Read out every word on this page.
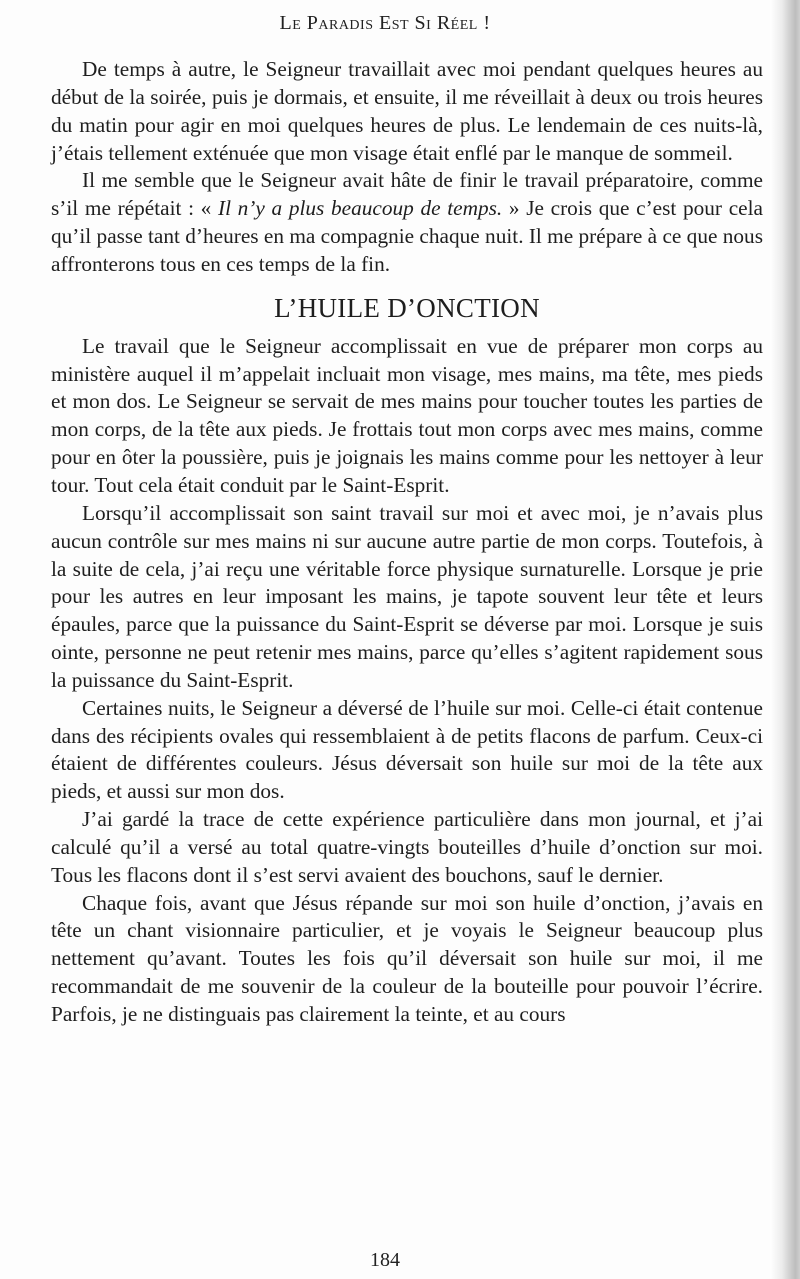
Le Paradis Est Si Réel !

De temps à autre, le Seigneur travaillait avec moi pendant quelques heures au début de la soirée, puis je dormais, et ensuite, il me réveillait à deux ou trois heures du matin pour agir en moi quelques heures de plus. Le lendemain de ces nuits-là, j’étais tellement exténuée que mon visage était enflé par le manque de sommeil.

Il me semble que le Seigneur avait hâte de finir le travail préparatoire, comme s’il me répétait : « Il n’y a plus beaucoup de temps. » Je crois que c’est pour cela qu’il passe tant d’heures en ma compagnie chaque nuit. Il me prépare à ce que nous affronterons tous en ces temps de la fin.

L’HUILE D’ONCTION

Le travail que le Seigneur accomplissait en vue de préparer mon corps au ministère auquel il m’appelait incluait mon visage, mes mains, ma tête, mes pieds et mon dos. Le Seigneur se servait de mes mains pour toucher toutes les parties de mon corps, de la tête aux pieds. Je frottais tout mon corps avec mes mains, comme pour en ôter la poussière, puis je joignais les mains comme pour les nettoyer à leur tour. Tout cela était conduit par le Saint-Esprit.

Lorsqu’il accomplissait son saint travail sur moi et avec moi, je n’avais plus aucun contrôle sur mes mains ni sur aucune autre partie de mon corps. Toutefois, à la suite de cela, j’ai reçu une véritable force physique surnaturelle. Lorsque je prie pour les autres en leur imposant les mains, je tapote souvent leur tête et leurs épaules, parce que la puissance du Saint-Esprit se déverse par moi. Lorsque je suis ointe, personne ne peut retenir mes mains, parce qu’elles s’agitent rapidement sous la puissance du Saint-Esprit.

Certaines nuits, le Seigneur a déversé de l’huile sur moi. Celle-ci était contenue dans des récipients ovales qui ressemblaient à de petits flacons de parfum. Ceux-ci étaient de différentes couleurs. Jésus déversait son huile sur moi de la tête aux pieds, et aussi sur mon dos.

J’ai gardé la trace de cette expérience particulière dans mon journal, et j’ai calculé qu’il a versé au total quatre-vingts bouteilles d’huile d’onction sur moi. Tous les flacons dont il s’est servi avaient des bouchons, sauf le dernier.

Chaque fois, avant que Jésus répande sur moi son huile d’onction, j’avais en tête un chant visionnaire particulier, et je voyais le Seigneur beaucoup plus nettement qu’avant. Toutes les fois qu’il déversait son huile sur moi, il me recommandait de me souvenir de la couleur de la bouteille pour pouvoir l’écrire. Parfois, je ne distinguais pas clairement la teinte, et au cours

184
